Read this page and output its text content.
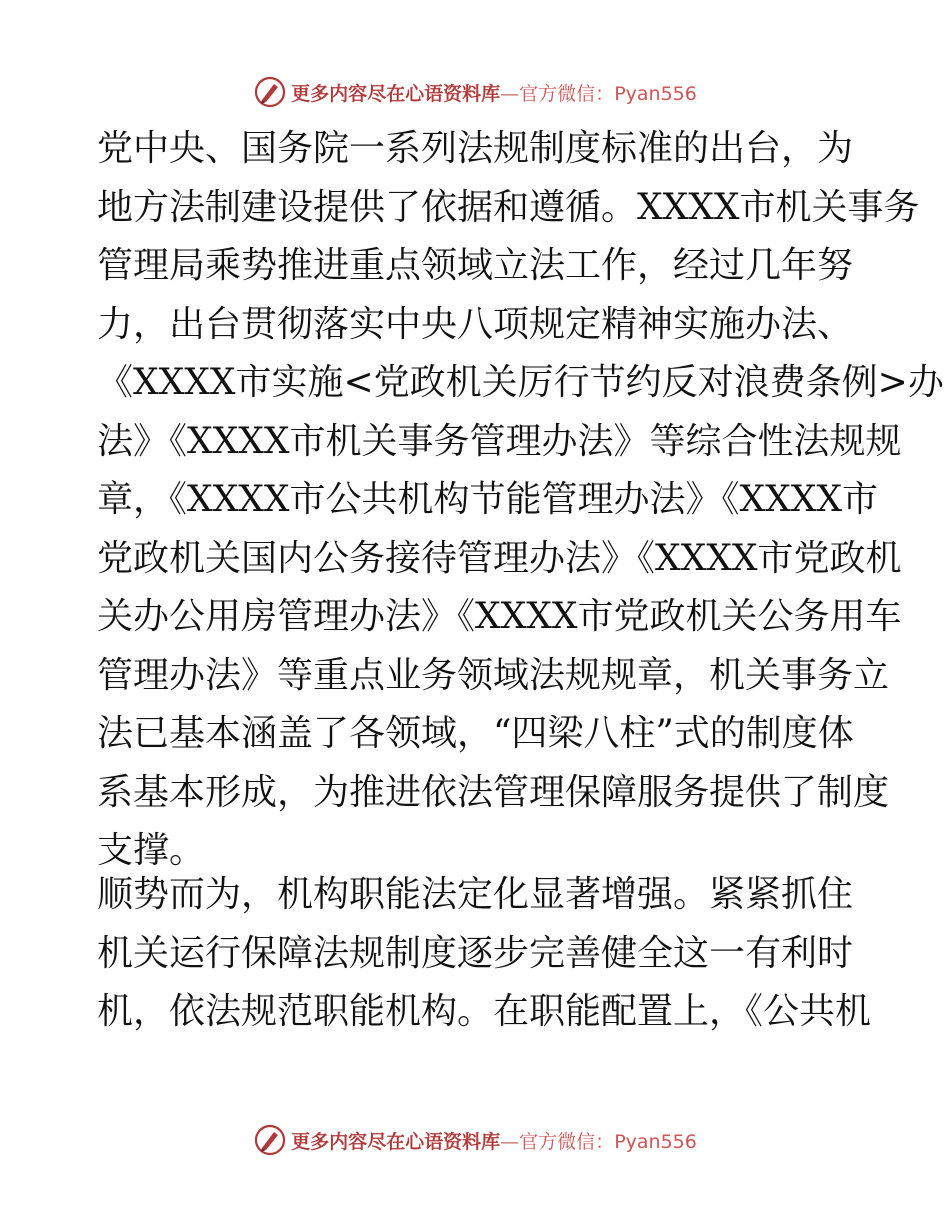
更多内容尽在心语资料库—官方微信：Pyan556
党中央、国务院一系列法规制度标准的出台，为
地方法制建设提供了依据和遵循。XXXX市机关事务
管理局乘势推进重点领域立法工作，经过几年努
力，出台贯彻落实中央八项规定精神实施办法、
《XXXX市实施<党政机关厉行节约反对浪费条例>办
法》《XXXX市机关事务管理办法》等综合性法规规
章，《XXXX市公共机构节能管理办法》《XXXX市
党政机关国内公务接待管理办法》《XXXX市党政机
关办公用房管理办法》《XXXX市党政机关公务用车
管理办法》等重点业务领域法规规章，机关事务立
法已基本涵盖了各领域，“四梁八柱”式的制度体
系基本形成，为推进依法管理保障服务提供了制度
支撑。
顺势而为，机构职能法定化显著增强。紧紧抓住
机关运行保障法规制度逐步完善健全这一有利时
机，依法规范职能机构。在职能配置上，《公共机
更多内容尽在心语资料库—官方微信：Pyan556
